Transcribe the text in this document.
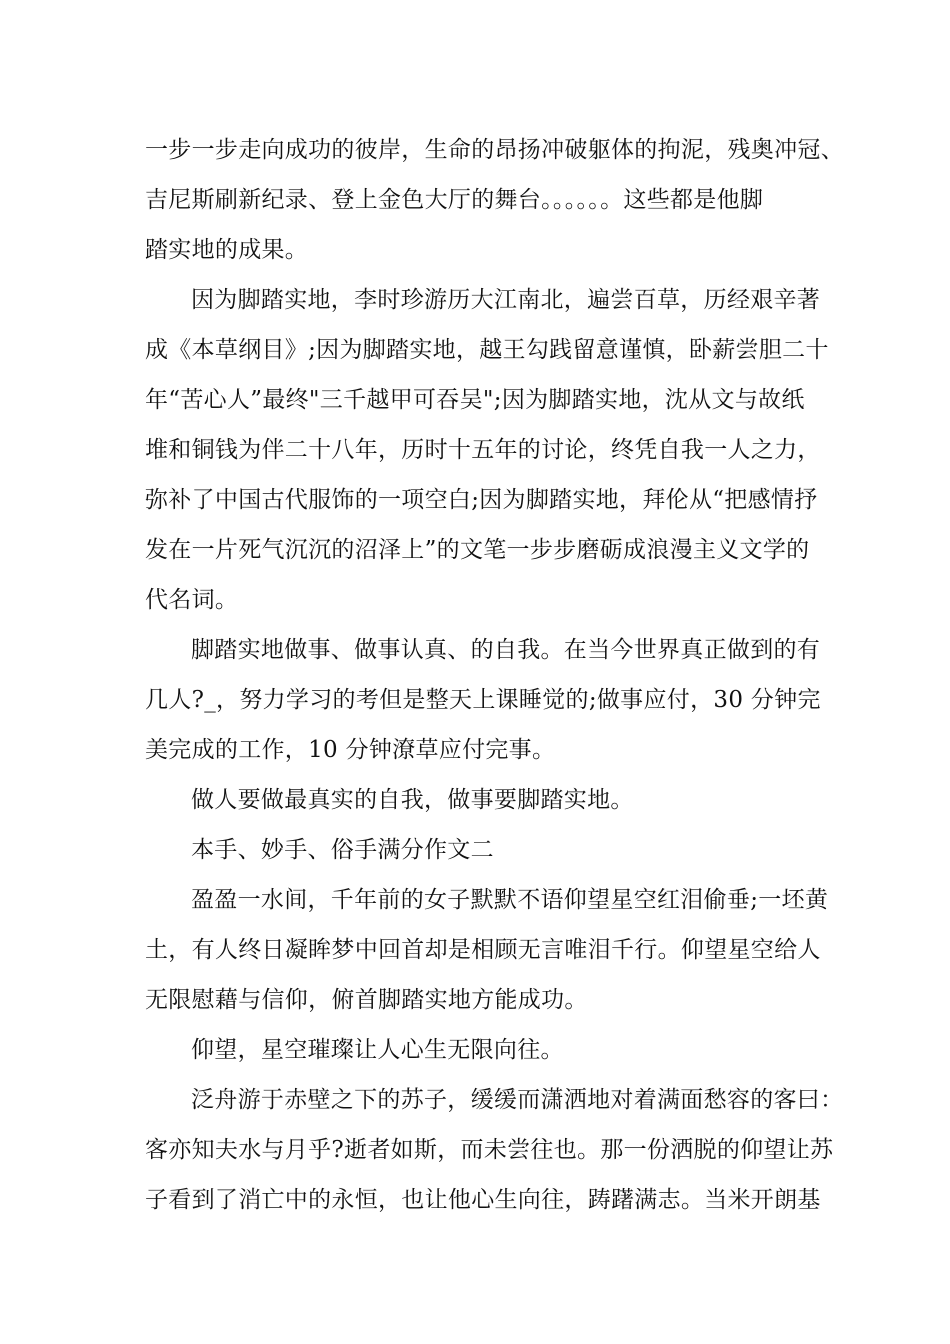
一步一步走向成功的彼岸，生命的昂扬冲破躯体的拘泥，残奥冲冠、
吉尼斯刷新纪录、登上金色大厅的舞台。。。。。。这些都是他脚
踏实地的成果。
因为脚踏实地，李时珍游历大江南北，遍尝百草，历经艰辛著
成《本草纲目》;因为脚踏实地，越王勾践留意谨慎，卧薪尝胆二十
年“苦心人”最终"三千越甲可吞吴";因为脚踏实地，沈从文与故纸
堆和铜钱为伴二十八年，历时十五年的讨论，终凭自我一人之力，
弥补了中国古代服饰的一项空白;因为脚踏实地，拜伦从“把感情抒
发在一片死气沉沉的沼泽上”的文笔一步步磨砺成浪漫主义文学的
代名词。
脚踏实地做事、做事认真、的自我。在当今世界真正做到的有
几人?_，努力学习的考但是整天上课睡觉的;做事应付，30 分钟完
美完成的工作，10 分钟潦草应付完事。
做人要做最真实的自我，做事要脚踏实地。
本手、妙手、俗手满分作文二
盈盈一水间，千年前的女子默默不语仰望星空红泪偷垂;一坯黄
土，有人终日凝眸梦中回首却是相顾无言唯泪千行。仰望星空给人
无限慰藉与信仰，俯首脚踏实地方能成功。
仰望，星空璀璨让人心生无限向往。
泛舟游于赤壁之下的苏子，缓缓而潇洒地对着满面愁容的客曰：
客亦知夫水与月乎?逝者如斯，而未尝往也。那一份洒脱的仰望让苏
子看到了消亡中的永恒，也让他心生向往，踌躇满志。当米开朗基
